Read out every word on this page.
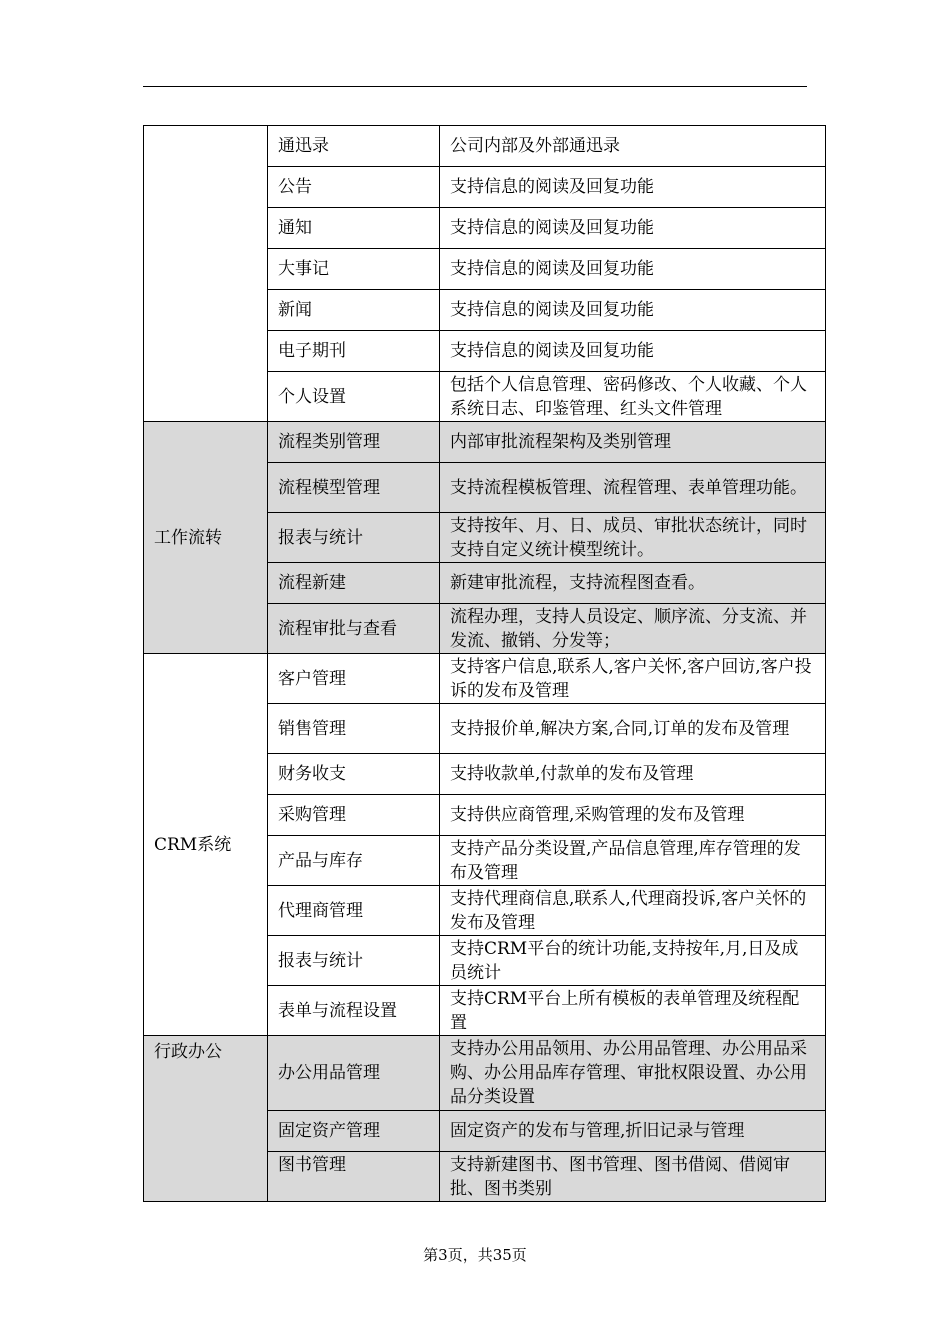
	通迅录	公司内部及外部通迅录
	公告	支持信息的阅读及回复功能
	通知	支持信息的阅读及回复功能
	大事记	支持信息的阅读及回复功能
	新闻	支持信息的阅读及回复功能
	电子期刊	支持信息的阅读及回复功能
	个人设置	包括个人信息管理、密码修改、个人收藏、个人系统日志、印鉴管理、红头文件管理
工作流转	流程类别管理	内部审批流程架构及类别管理
	流程模型管理	支持流程模板管理、流程管理、表单管理功能。
	报表与统计	支持按年、月、日、成员、审批状态统计，同时支持自定义统计模型统计。
	流程新建	新建审批流程，支持流程图查看。
	流程审批与查看	流程办理，支持人员设定、顺序流、分支流、并发流、撤销、分发等；
CRM系统	客户管理	支持客户信息,联系人,客户关怀,客户回访,客户投诉的发布及管理
	销售管理	支持报价单,解决方案,合同,订单的发布及管理
	财务收支	支持收款单,付款单的发布及管理
	采购管理	支持供应商管理,采购管理的发布及管理
	产品与库存	支持产品分类设置,产品信息管理,库存管理的发布及管理
	代理商管理	支持代理商信息,联系人,代理商投诉,客户关怀的发布及管理
	报表与统计	支持CRM平台的统计功能,支持按年,月,日及成员统计
	表单与流程设置	支持CRM平台上所有模板的表单管理及统程配置
行政办公	办公用品管理	支持办公用品领用、办公用品管理、办公用品采购、办公用品库存管理、审批权限设置、办公用品分类设置
	固定资产管理	固定资产的发布与管理,折旧记录与管理
	图书管理	支持新建图书、图书管理、图书借阅、借阅审批、图书类别
第3页，共35页
